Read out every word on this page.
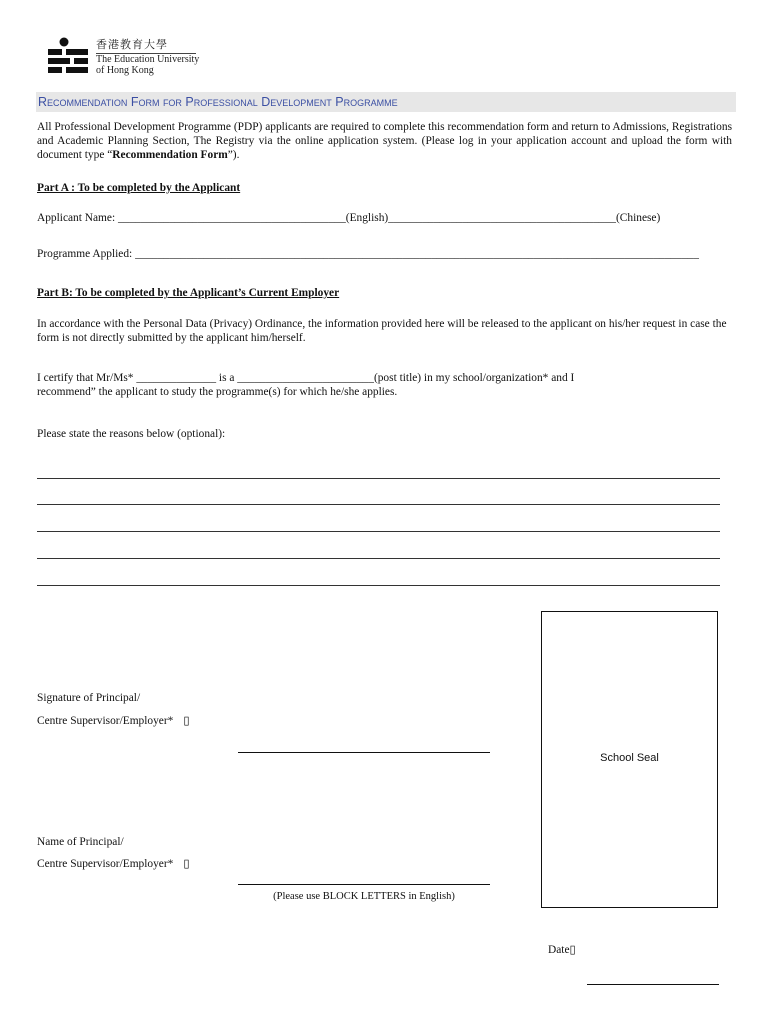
香港教育大學
The Education University
of Hong Kong
Recommendation Form for Professional Development Programme
All Professional Development Programme (PDP) applicants are required to complete this recommendation form and return to Admissions, Registrations and Academic Planning Section, The Registry via the online application system. (Please log in your application account and upload the form with document type “Recommendation Form”).
Part A : To be completed by the Applicant
Applicant Name: ________________________________________(English)________________________________________(Chinese)
Programme Applied: ___________________________________________________________________________________________________
Part B: To be completed by the Applicant’s Current Employer
In accordance with the Personal Data (Privacy) Ordinance, the information provided here will be released to the applicant on his/her request in case the form is not directly submitted by the applicant him/herself.
I certify that Mr/Ms* ______________ is a ________________________(post title) in my school/organization* and I
recommend” the applicant to study the programme(s) for which he/she applies.
Please state the reasons below (optional):
Signature of Principal/
Centre Supervisor/Employer* ▯
Name of Principal/
Centre Supervisor/Employer* ▯
(Please use BLOCK LETTERS in English)
School Seal
Date▯
